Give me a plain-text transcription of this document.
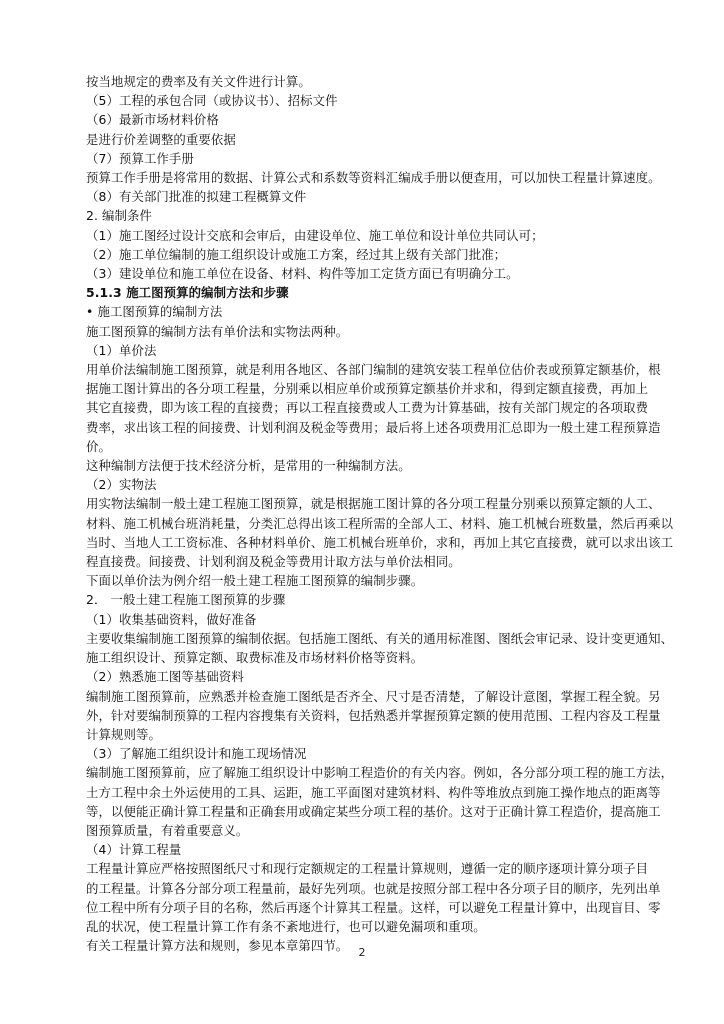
按当地规定的费率及有关文件进行计算。
（5）工程的承包合同（或协议书）、招标文件
（6）最新市场材料价格
是进行价差调整的重要依据
（7）预算工作手册
预算工作手册是将常用的数据、计算公式和系数等资料汇编成手册以便查用，可以加快工程量计算速度。
（8）有关部门批准的拟建工程概算文件
2. 编制条件
（1）施工图经过设计交底和会审后，由建设单位、施工单位和设计单位共同认可；
（2）施工单位编制的施工组织设计或施工方案，经过其上级有关部门批准；
（3）建设单位和施工单位在设备、材料、构件等加工定货方面已有明确分工。
5.1.3 施工图预算的编制方法和步骤
• 施工图预算的编制方法
施工图预算的编制方法有单价法和实物法两种。
（1）单价法
用单价法编制施工图预算，就是利用各地区、各部门编制的建筑安装工程单位估价表或预算定额基价，根
据施工图计算出的各分项工程量，分别乘以相应单价或预算定额基价并求和，得到定额直接费，再加上
其它直接费，即为该工程的直接费；再以工程直接费或人工费为计算基础，按有关部门规定的各项取费
费率，求出该工程的间接费、计划利润及税金等费用；最后将上述各项费用汇总即为一般土建工程预算造
价。
这种编制方法便于技术经济分析，是常用的一种编制方法。
（2）实物法
用实物法编制一般土建工程施工图预算，就是根据施工图计算的各分项工程量分别乘以预算定额的人工、
材料、施工机械台班消耗量，分类汇总得出该工程所需的全部人工、材料、施工机械台班数量，然后再乘以
当时、当地人工工资标准、各种材料单价、施工机械台班单价，求和，再加上其它直接费，就可以求出该工
程直接费。间接费、计划利润及税金等费用计取方法与单价法相同。
下面以单价法为例介绍一般土建工程施工图预算的编制步骤。
2． 一般土建工程施工图预算的步骤
（1）收集基础资料，做好准备
主要收集编制施工图预算的编制依据。包括施工图纸、有关的通用标准图、图纸会审记录、设计变更通知、
施工组织设计、预算定额、取费标准及市场材料价格等资料。
（2）熟悉施工图等基础资料
编制施工图预算前，应熟悉并检查施工图纸是否齐全、尺寸是否清楚，了解设计意图，掌握工程全貌。另
外，针对要编制预算的工程内容搜集有关资料，包括熟悉并掌握预算定额的使用范围、工程内容及工程量
计算规则等。
（3）了解施工组织设计和施工现场情况
编制施工图预算前，应了解施工组织设计中影响工程造价的有关内容。例如，各分部分项工程的施工方法，
土方工程中余土外运使用的工具、运距，施工平面图对建筑材料、构件等堆放点到施工操作地点的距离等
等，以便能正确计算工程量和正确套用或确定某些分项工程的基价。这对于正确计算工程造价，提高施工
图预算质量，有着重要意义。
（4）计算工程量
工程量计算应严格按照图纸尺寸和现行定额规定的工程量计算规则，遵循一定的顺序逐项计算分项子目
的工程量。计算各分部分项工程量前，最好先列项。也就是按照分部工程中各分项子目的顺序，先列出单
位工程中所有分项子目的名称，然后再逐个计算其工程量。这样，可以避免工程量计算中，出现盲目、零
乱的状况，使工程量计算工作有条不紊地进行，也可以避免漏项和重项。
有关工程量计算方法和规则，参见本章第四节。 2
